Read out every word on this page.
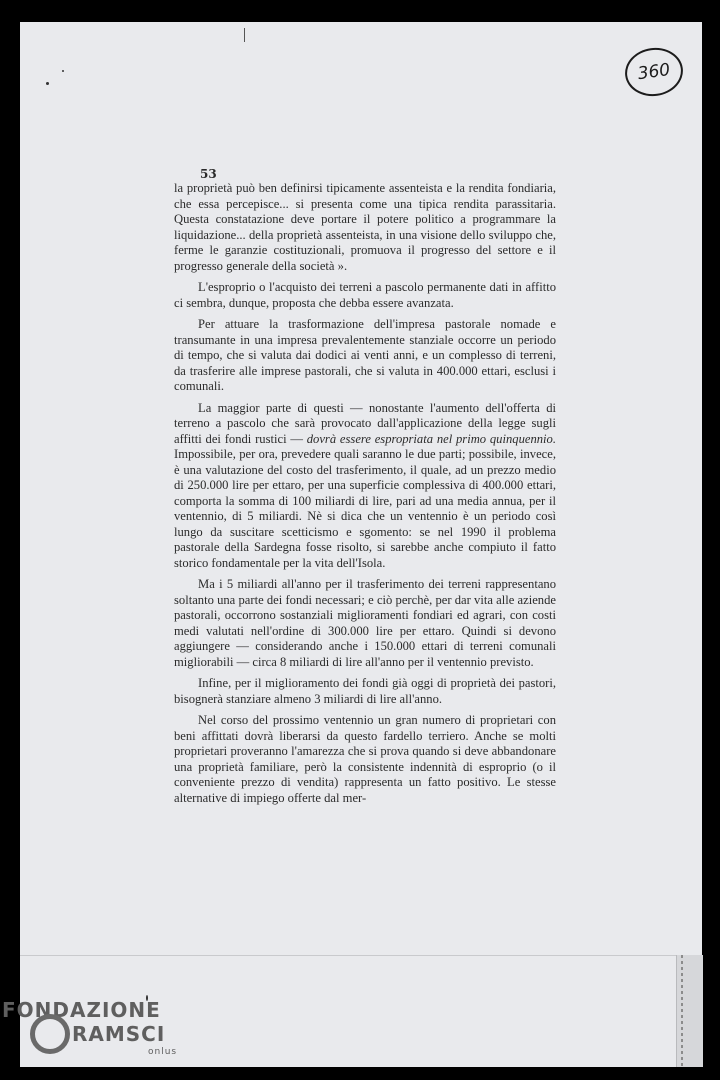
360
53

la proprietà può ben definirsi tipicamente assenteista e la rendita fondiaria, che essa percepisce... si presenta come una tipica rendita parassitaria. Questa constatazione deve portare il potere politico a programmare la liquidazione... della proprietà assenteista, in una visione dello sviluppo che, ferme le garanzie costituzionali, promuova il progresso del settore e il progresso generale della società ».

L'esproprio o l'acquisto dei terreni a pascolo permanente dati in affitto ci sembra, dunque, proposta che debba essere avanzata.

Per attuare la trasformazione dell'impresa pastorale nomade e transumante in una impresa prevalentemente stanziale occorre un periodo di tempo, che si valuta dai dodici ai venti anni, e un complesso di terreni, da trasferire alle imprese pastorali, che si valuta in 400.000 ettari, esclusi i comunali.

La maggior parte di questi — nonostante l'aumento dell'offerta di terreno a pascolo che sarà provocato dall'applicazione della legge sugli affitti dei fondi rustici — dovrà essere espropriata nel primo quinquennio. Impossibile, per ora, prevedere quali saranno le due parti; possibile, invece, è una valutazione del costo del trasferimento, il quale, ad un prezzo medio di 250.000 lire per ettaro, per una superficie complessiva di 400.000 ettari, comporta la somma di 100 miliardi di lire, pari ad una media annua, per il ventennio, di 5 miliardi. Nè si dica che un ventennio è un periodo così lungo da suscitare scetticismo e sgomento: se nel 1990 il problema pastorale della Sardegna fosse risolto, si sarebbe anche compiuto il fatto storico fondamentale per la vita dell'Isola.

Ma i 5 miliardi all'anno per il trasferimento dei terreni rappresentano soltanto una parte dei fondi necessari; e ciò perchè, per dar vita alle aziende pastorali, occorrono sostanziali miglioramenti fondiari ed agrari, con costi medi valutati nell'ordine di 300.000 lire per ettaro. Quindi si devono aggiungere — considerando anche i 150.000 ettari di terreni comunali migliorabili — circa 8 miliardi di lire all'anno per il ventennio previsto.

Infine, per il miglioramento dei fondi già oggi di proprietà dei pastori, bisognerà stanziare almeno 3 miliardi di lire all'anno.

Nel corso del prossimo ventennio un gran numero di proprietari con beni affittati dovrà liberarsi da questo fardello terriero. Anche se molti proprietari proveranno l'amarezza che si prova quando si deve abbandonare una proprietà familiare, però la consistente indennità di esproprio (o il conveniente prezzo di vendita) rappresenta un fatto positivo. Le stesse alternative di impiego offerte dal mer-

FONDAZIONE
RAMSCI
onlus
